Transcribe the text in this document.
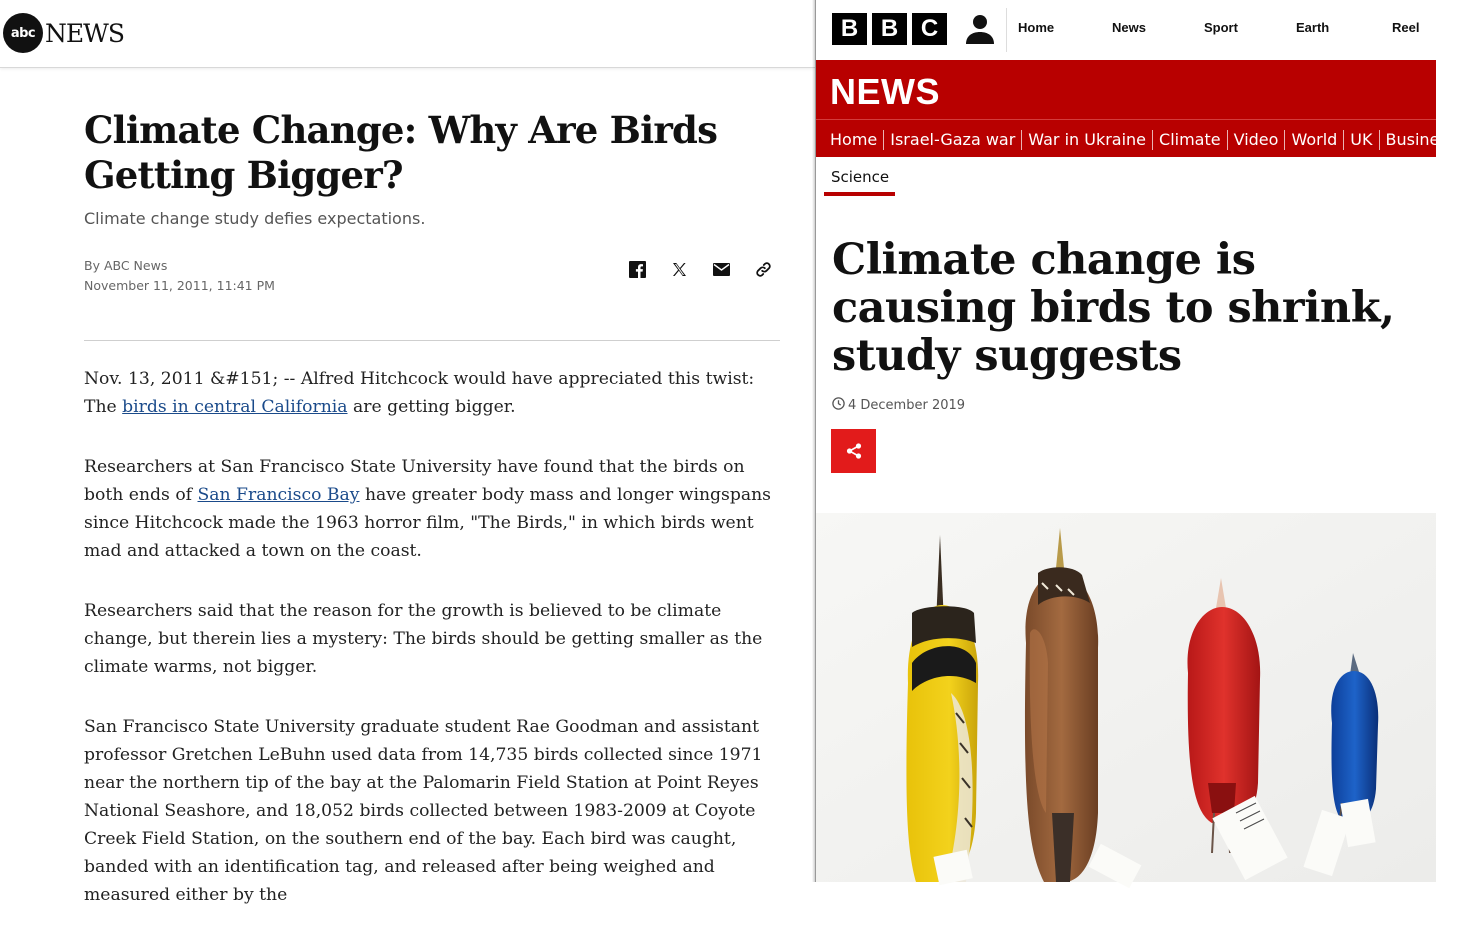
abc NEWS
Climate Change: Why Are Birds Getting Bigger?
Climate change study defies expectations.
By ABC News
November 11, 2011, 11:41 PM

Nov. 13, 2011 &#151; -- Alfred Hitchcock would have appreciated this twist: The birds in central California are getting bigger.

Researchers at San Francisco State University have found that the birds on both ends of San Francisco Bay have greater body mass and longer wingspans since Hitchcock made the 1963 horror film, "The Birds," in which birds went mad and attacked a town on the coast.

Researchers said that the reason for the growth is believed to be climate change, but therein lies a mystery: The birds should be getting smaller as the climate warms, not bigger.

San Francisco State University graduate student Rae Goodman and assistant professor Gretchen LeBuhn used data from 14,735 birds collected since 1971 near the northern tip of the bay at the Palomarin Field Station at Point Reyes National Seashore, and 18,052 birds collected between 1983-2009 at Coyote Creek Field Station, on the southern end of the bay. Each bird was caught, banded with an identification tag, and released after being weighed and measured either by the

B B C	Home	News	Sport	Earth	Reel
NEWS
Home Israel-Gaza war War in Ukraine Climate Video World UK Business
Science
Climate change is causing birds to shrink, study suggests
4 December 2019
